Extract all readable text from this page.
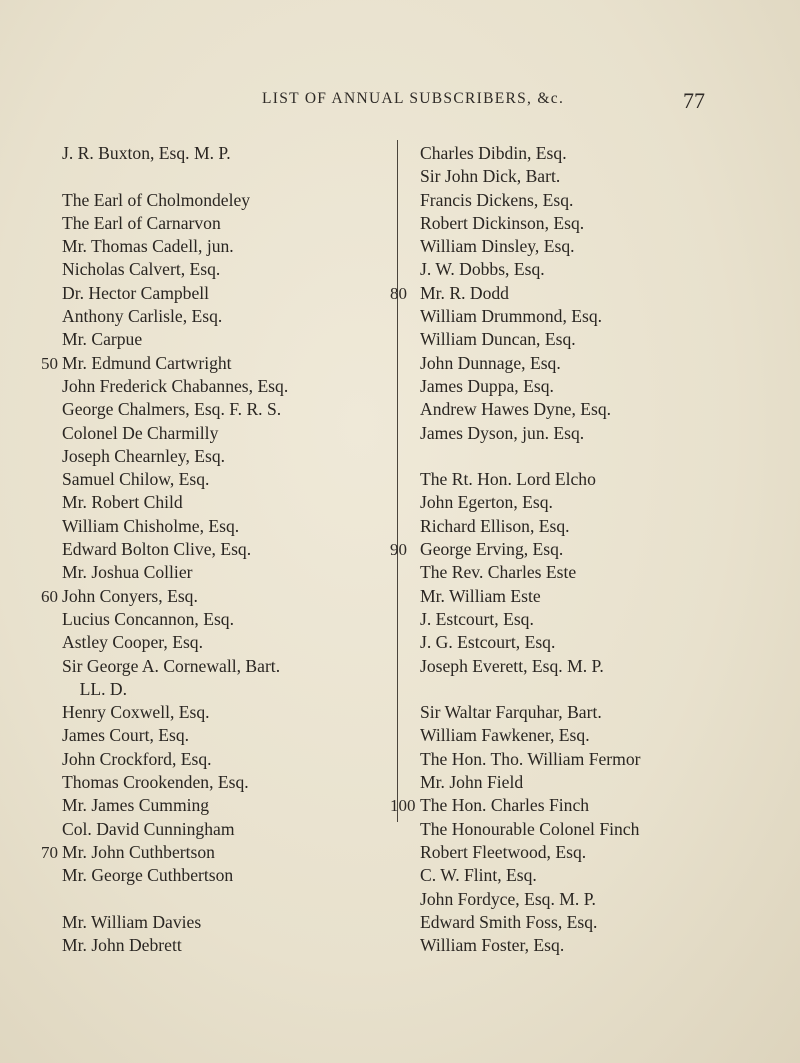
LIST OF ANNUAL SUBSCRIBERS, &c.	77
J. R. Buxton, Esq. M. P.
The Earl of Cholmondeley
The Earl of Carnarvon
Mr. Thomas Cadell, jun.
Nicholas Calvert, Esq.
Dr. Hector Campbell
Anthony Carlisle, Esq.
Mr. Carpue
50 Mr. Edmund Cartwright
John Frederick Chabannes, Esq.
George Chalmers, Esq. F. R. S.
Colonel De Charmilly
Joseph Chearnley, Esq.
Samuel Chilow, Esq.
Mr. Robert Child
William Chisholme, Esq.
Edward Bolton Clive, Esq.
Mr. Joshua Collier
60 John Conyers, Esq.
Lucius Concannon, Esq.
Astley Cooper, Esq.
Sir George A. Cornewall, Bart.
LL. D.
Henry Coxwell, Esq.
James Court, Esq.
John Crockford, Esq.
Thomas Crookenden, Esq.
Mr. James Cumming
Col. David Cunningham
70 Mr. John Cuthbertson
Mr. George Cuthbertson
Mr. William Davies
Mr. John Debrett
Charles Dibdin, Esq.
Sir John Dick, Bart.
Francis Dickens, Esq.
Robert Dickinson, Esq.
William Dinsley, Esq.
J. W. Dobbs, Esq.
80 Mr. R. Dodd
William Drummond, Esq.
William Duncan, Esq.
John Dunnage, Esq.
James Duppa, Esq.
Andrew Hawes Dyne, Esq.
James Dyson, jun. Esq.
The Rt. Hon. Lord Elcho
John Egerton, Esq.
Richard Ellison, Esq.
90 George Erving, Esq.
The Rev. Charles Este
Mr. William Este
J. Estcourt, Esq.
J. G. Estcourt, Esq.
Joseph Everett, Esq. M. P.
Sir Waltar Farquhar, Bart.
William Fawkener, Esq.
The Hon. Tho. William Fermor
Mr. John Field
100 The Hon. Charles Finch
The Honourable Colonel Finch
Robert Fleetwood, Esq.
C. W. Flint, Esq.
John Fordyce, Esq. M. P.
Edward Smith Foss, Esq.
William Foster, Esq.
